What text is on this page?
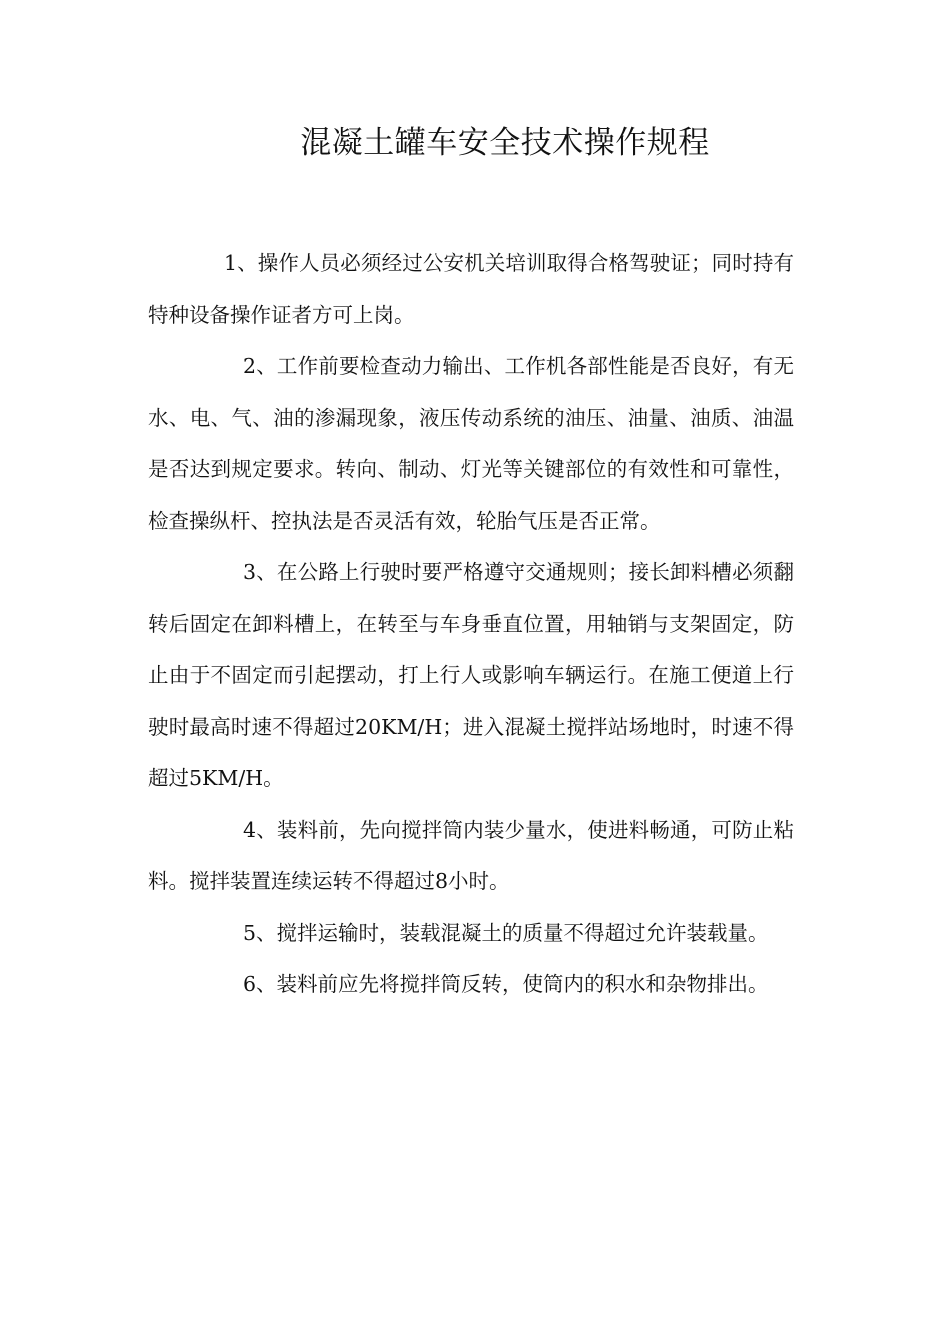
混凝土罐车安全技术操作规程

1、操作人员必须经过公安机关培训取得合格驾驶证；同时持有特种设备操作证者方可上岗。

2、工作前要检查动力输出、工作机各部性能是否良好，有无水、电、气、油的渗漏现象，液压传动系统的油压、油量、油质、油温是否达到规定要求。转向、制动、灯光等关键部位的有效性和可靠性，检查操纵杆、控执法是否灵活有效，轮胎气压是否正常。

3、在公路上行驶时要严格遵守交通规则；接长卸料槽必须翻转后固定在卸料槽上，在转至与车身垂直位置，用轴销与支架固定，防止由于不固定而引起摆动，打上行人或影响车辆运行。在施工便道上行驶时最高时速不得超过20KM/H；进入混凝土搅拌站场地时，时速不得超过5KM/H。

4、装料前，先向搅拌筒内装少量水，使进料畅通，可防止粘料。搅拌装置连续运转不得超过8小时。

5、搅拌运输时，装载混凝土的质量不得超过允许装载量。

6、装料前应先将搅拌筒反转，使筒内的积水和杂物排出。
